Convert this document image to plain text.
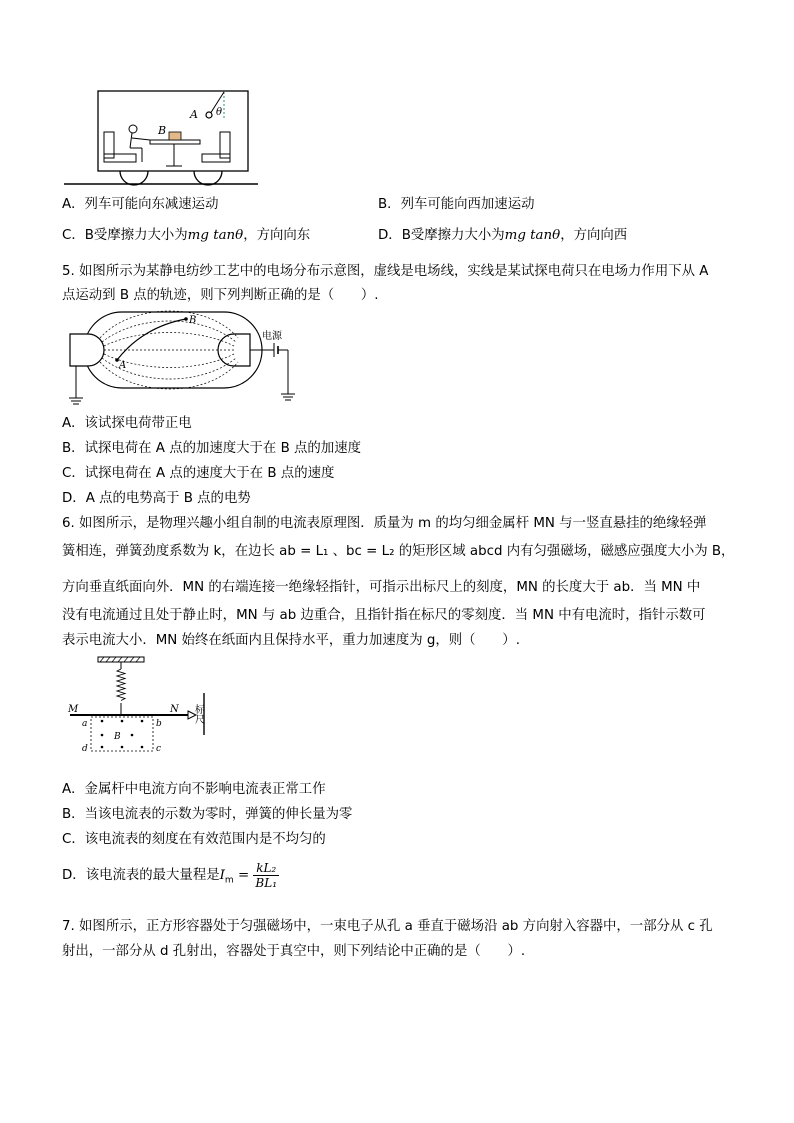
A θ
B
A．列车可能向东减速运动	B．列车可能向西加速运动
C．B受摩擦力大小为mg tanθ，方向向东	D．B受摩擦力大小为mg tanθ，方向向西
5. 如图所示为某静电纺纱工艺中的电场分布示意图，虚线是电场线，实线是某试探电荷只在电场力作用下从 A
点运动到 B 点的轨迹，则下列判断正确的是（　　）.
A
B
电源
A．该试探电荷带正电
B．试探电荷在 A 点的加速度大于在 B 点的加速度
C．试探电荷在 A 点的速度大于在 B 点的速度
D．A 点的电势高于 B 点的电势
6. 如图所示，是物理兴趣小组自制的电流表原理图．质量为 m 的均匀细金属杆 MN 与一竖直悬挂的绝缘轻弹
簧相连，弹簧劲度系数为 k，在边长 ab = L₁ 、bc = L₂ 的矩形区域 abcd 内有匀强磁场，磁感应强度大小为 B，
方向垂直纸面向外．MN 的右端连接一绝缘轻指针，可指示出标尺上的刻度，MN 的长度大于 ab．当 MN 中
没有电流通过且处于静止时，MN 与 ab 边重合，且指针指在标尺的零刻度．当 MN 中有电流时，指针示数可
表示电流大小．MN 始终在纸面内且保持水平，重力加速度为 g，则（　　）.
标尺
M	N
a	b
c
d
B
A．金属杆中电流方向不影响电流表正常工作
B．当该电流表的示数为零时，弹簧的伸长量为零
C．该电流表的刻度在有效范围内是不均匀的
D．该电流表的最大量程是$I_m = \frac{\text{kL₂}}{\text{BL₁}}$
7. 如图所示，正方形容器处于匀强磁场中，一束电子从孔 a 垂直于磁场沿 ab 方向射入容器中，一部分从 c 孔
射出，一部分从 d 孔射出，容器处于真空中，则下列结论中正确的是（　　）.
